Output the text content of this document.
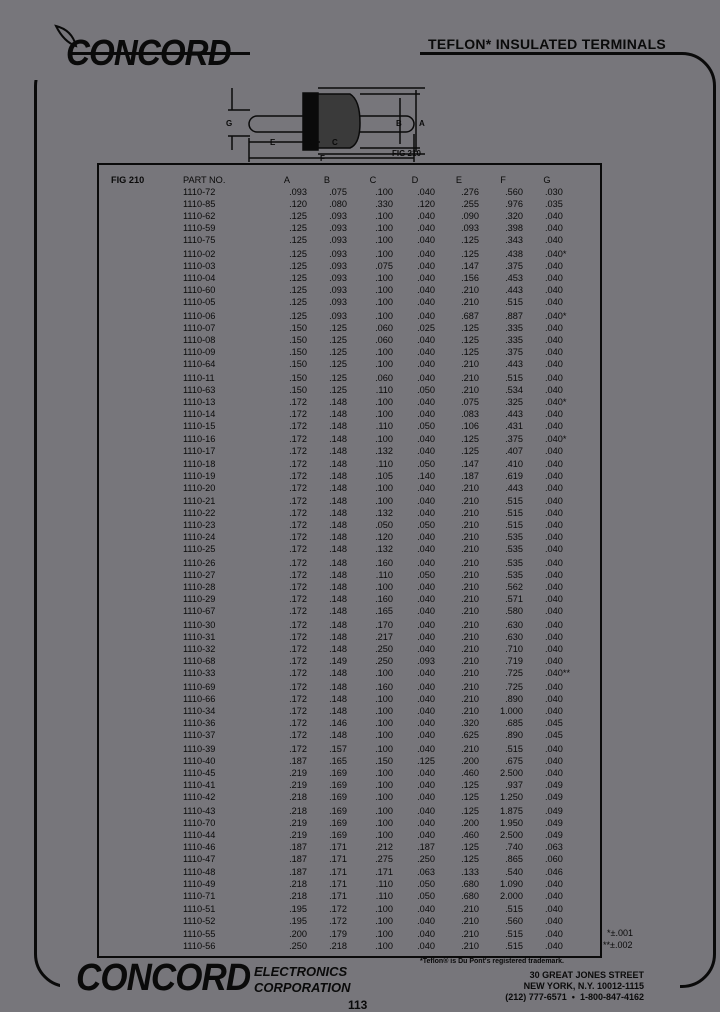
CONCORD	TEFLON* INSULATED TERMINALS
G	B A
E	D C
F
FIG 210
FIG 210	PART NO.	A	B	C	D	E	F	G
1110-72	.093	.075	.100	.040	.276	.560 .030
1110-85	.120	.080	.330	.120	.255	.976 .035
1110-62	.125	.093	.100	.040	.090	.320 .040
1110-59	.125	.093	.100	.040	.093	.398 .040
1110-75	.125	.093	.100	.040	.125	.343 .040
1110-02	.125	.093	.100	.040	.125	.438 .040*
1110-03	.125	.093	.075	.040	.147	.375 .040
1110-04	.125	.093	.100	.040	.156	.453 .040
1110-60	.125	.093	.100	.040	.210	.443 .040
1110-05	.125	.093	.100	.040	.210	.515 .040
1110-06	.125	.093	.100	.040	.687	.887 .040*
1110-07	.150	.125	.060	.025	.125	.335 .040
1110-08	.150	.125	.060	.040	.125	.335 .040
1110-09	.150	.125	.100	.040	.125	.375 .040
1110-64	.150	.125	.100	.040	.210	.443 .040
1110-11	.150	.125	.060	.040	.210	.515 .040
1110-63	.150	.125	.110	.050	.210	.534 .040
1110-13	.172	.148	.100	.040	.075	.325 .040*
1110-14	.172	.148	.100	.040	.083	.443 .040
1110-15	.172	.148	.110	.050	.106	.431 .040
1110-16	.172	.148	.100	.040	.125	.375 .040*
1110-17	.172	.148	.132	.040	.125	.407 .040
1110-18	.172	.148	.110	.050	.147	.410 .040
1110-19	.172	.148	.105	.140	.187	.619 .040
1110-20	.172	.148	.100	.040	.210	.443 .040
1110-21	.172	.148	.100	.040	.210	.515 .040
1110-22	.172	.148	.132	.040	.210	.515 .040
1110-23	.172	.148	.050	.050	.210	.515 .040
1110-24	.172	.148	.120	.040	.210	.535 .040
1110-25	.172	.148	.132	.040	.210	.535 .040
1110-26	.172	.148	.160	.040	.210	.535 .040
1110-27	.172	.148	.110	.050	.210	.535 .040
1110-28	.172	.148	.100	.040	.210	.562 .040
1110-29	.172	.148	.160	.040	.210	.571 .040
1110-67	.172	.148	.165	.040	.210	.580 .040
1110-30	.172	.148	.170	.040	.210	.630 .040
1110-31	.172	.148	.217	.040	.210	.630 .040
1110-32	.172	.148	.250	.040	.210	.710 .040
1110-68	.172	.149	.250	.093	.210	.719 .040
1110-33	.172	.148	.100	.040	.210	.725 .040**
1110-69	.172	.148	.160	.040	.210	.725 .040
1110-66	.172	.148	.100	.040	.210	.890 .040
1110-34	.172	.148	.100	.040	.210	1.000 .040
1110-36	.172	.146	.100	.040	.320	.685 .045
1110-37	.172	.148	.100	.040	.625	.890 .045
1110-39	.172	.157	.100	.040	.210	.515 .040
1110-40	.187	.165	.150	.125	.200	.675 .040
1110-45	.219	.169	.100	.040	.460	2.500 .040
1110-41	.219	.169	.100	.040	.125	.937 .049
1110-42	.218	.169	.100	.040	.125	1.250 .049
1110-43	.218	.169	.100	.040	.125	1.875 .049
1110-70	.219	.169	.100	.040	.200	1.950 .049
1110-44	.219	.169	.100	.040	.460	2.500 .049
1110-46	.187	.171	.212	.187	.125	.740 .063
1110-47	.187	.171	.275	.250	.125	.865 .060
1110-48	.187	.171	.171	.063	.133	.540 .046
1110-49	.218	.171	.110	.050	.680	1.090 .040
1110-71	.218	.171	.110	.050	.680	2.000 .040
1110-51	.195	.172	.100	.040	.210	.515 .040
1110-52	.195	.172	.100	.040	.210	.560 .040
1110-55	.200	.179	.100	.040	.210	.515 .040
1110-56	.250	.218	.100	.040	.210	.515 .040
*±.001
**±.002
*Teflon® is Du Pont's registered trademark.
CONCORD ELECTRONICS
CORPORATION
113
30 GREAT JONES STREET
NEW YORK, N.Y. 10012-1115
(212) 777-6571  •  1-800-847-4162
